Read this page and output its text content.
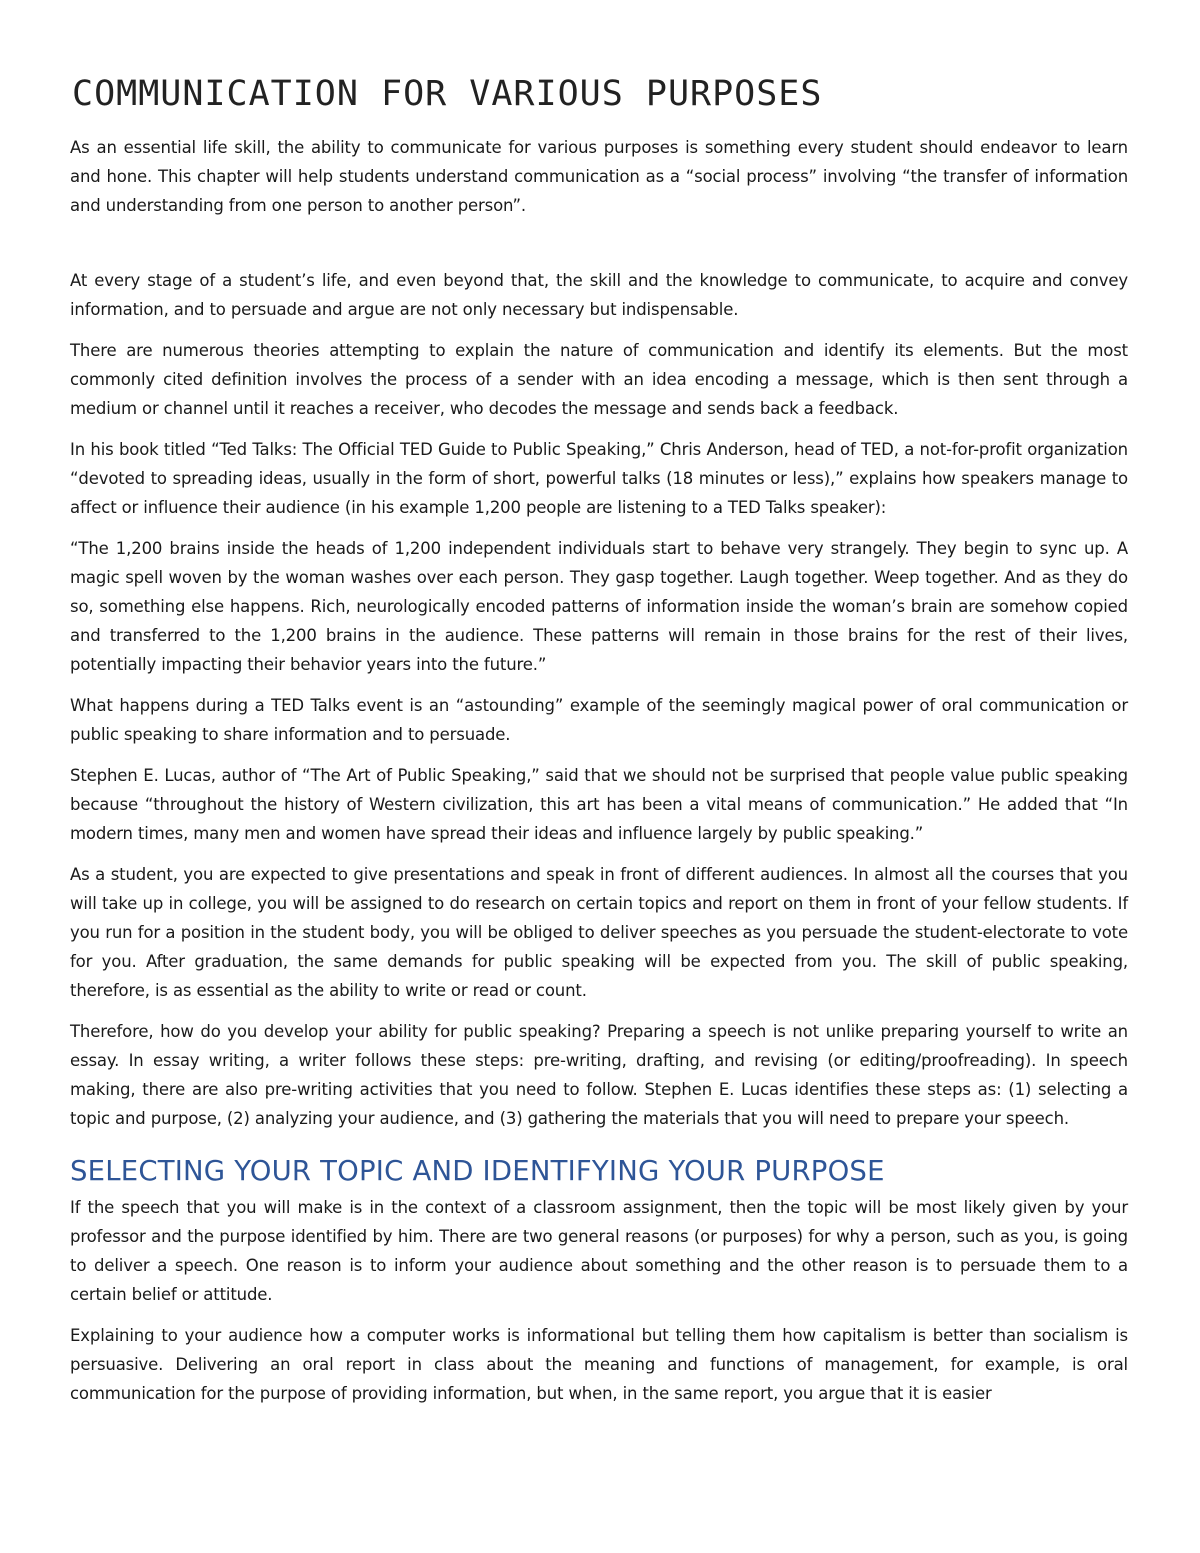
COMMUNICATION FOR VARIOUS PURPOSES

As an essential life skill, the ability to communicate for various purposes is something every student should endeavor to learn and hone. This chapter will help students understand communication as a “social process” involving “the transfer of information and understanding from one person to another person”.

At every stage of a student’s life, and even beyond that, the skill and the knowledge to communicate, to acquire and convey information, and to persuade and argue are not only necessary but indispensable.

There are numerous theories attempting to explain the nature of communication and identify its elements. But the most commonly cited definition involves the process of a sender with an idea encoding a message, which is then sent through a medium or channel until it reaches a receiver, who decodes the message and sends back a feedback.

In his book titled “Ted Talks: The Official TED Guide to Public Speaking,” Chris Anderson, head of TED, a not-for-profit organization “devoted to spreading ideas, usually in the form of short, powerful talks (18 minutes or less),” explains how speakers manage to affect or influence their audience (in his example 1,200 people are listening to a TED Talks speaker):

“The 1,200 brains inside the heads of 1,200 independent individuals start to behave very strangely. They begin to sync up. A magic spell woven by the woman washes over each person. They gasp together. Laugh together. Weep together. And as they do so, something else happens. Rich, neurologically encoded patterns of information inside the woman’s brain are somehow copied and transferred to the 1,200 brains in the audience. These patterns will remain in those brains for the rest of their lives, potentially impacting their behavior years into the future.”

What happens during a TED Talks event is an “astounding” example of the seemingly magical power of oral communication or public speaking to share information and to persuade.

Stephen E. Lucas, author of “The Art of Public Speaking,” said that we should not be surprised that people value public speaking because “throughout the history of Western civilization, this art has been a vital means of communication.” He added that “In modern times, many men and women have spread their ideas and influence largely by public speaking.”

As a student, you are expected to give presentations and speak in front of different audiences. In almost all the courses that you will take up in college, you will be assigned to do research on certain topics and report on them in front of your fellow students. If you run for a position in the student body, you will be obliged to deliver speeches as you persuade the student-electorate to vote for you. After graduation, the same demands for public speaking will be expected from you. The skill of public speaking, therefore, is as essential as the ability to write or read or count.

Therefore, how do you develop your ability for public speaking? Preparing a speech is not unlike preparing yourself to write an essay. In essay writing, a writer follows these steps: pre-writing, drafting, and revising (or editing/proofreading). In speech making, there are also pre-writing activities that you need to follow. Stephen E. Lucas identifies these steps as: (1) selecting a topic and purpose, (2) analyzing your audience, and (3) gathering the materials that you will need to prepare your speech.

SELECTING YOUR TOPIC AND IDENTIFYING YOUR PURPOSE

If the speech that you will make is in the context of a classroom assignment, then the topic will be most likely given by your professor and the purpose identified by him. There are two general reasons (or purposes) for why a person, such as you, is going to deliver a speech. One reason is to inform your audience about something and the other reason is to persuade them to a certain belief or attitude.

Explaining to your audience how a computer works is informational but telling them how capitalism is better than socialism is persuasive. Delivering an oral report in class about the meaning and functions of management, for example, is oral communication for the purpose of providing information, but when, in the same report, you argue that it is easier
